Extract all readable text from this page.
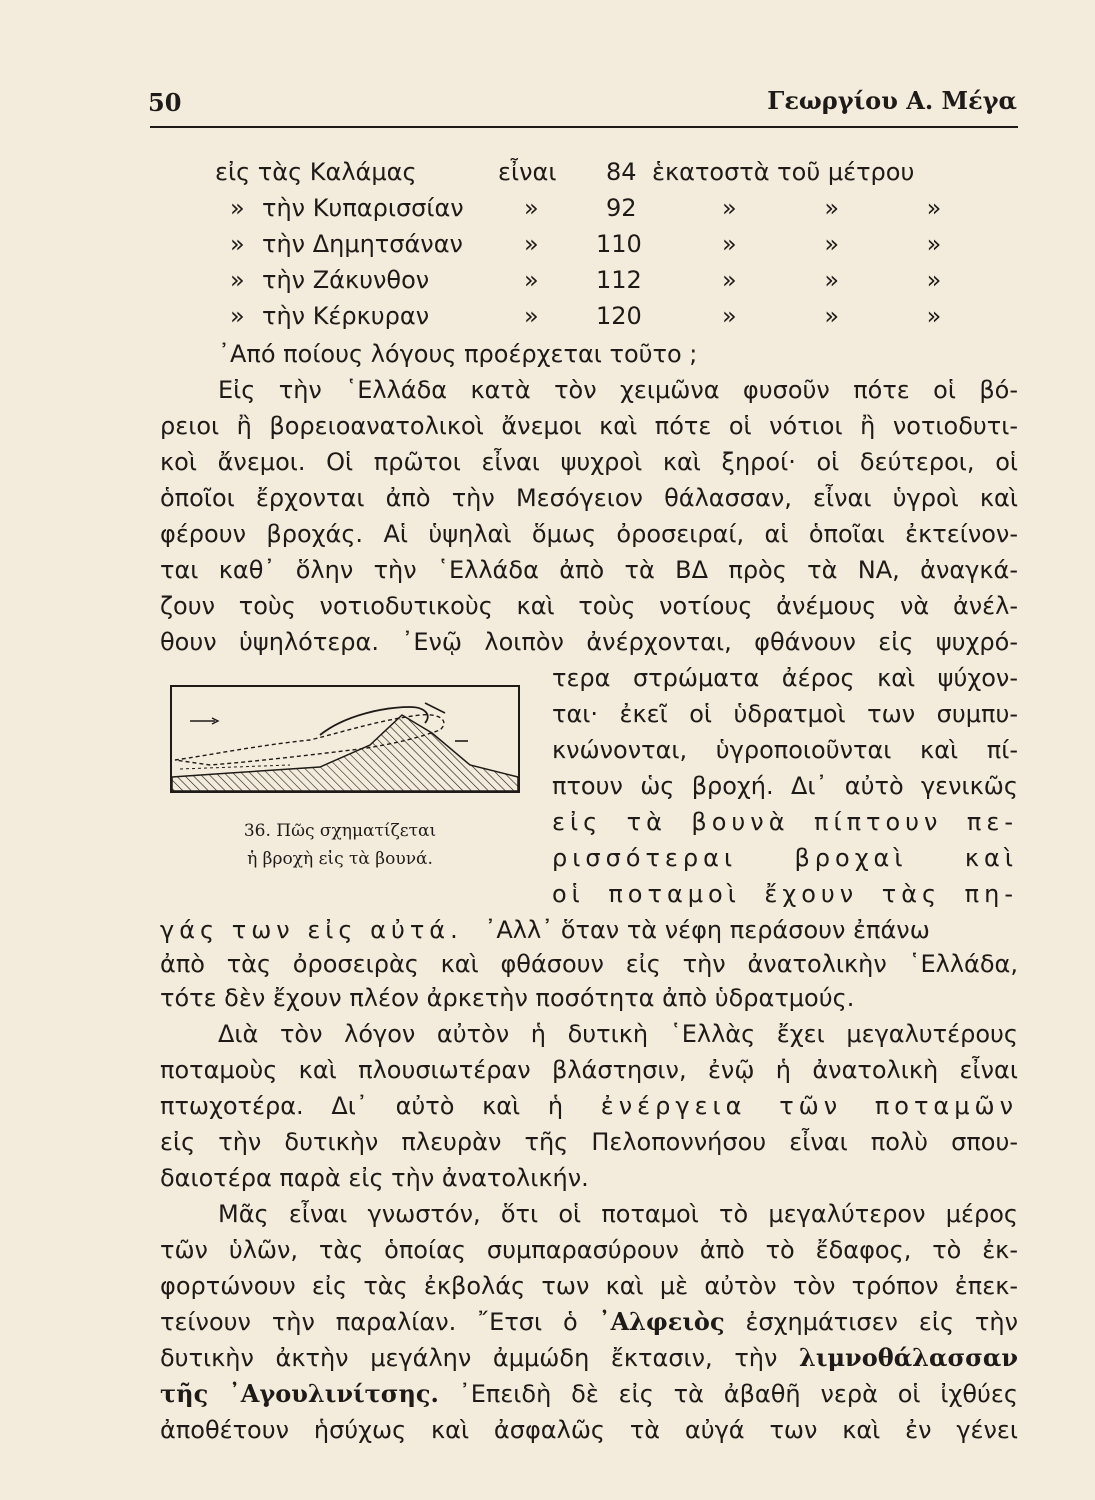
50	Γεωργίου Α. Μέγα
εἰς τὰς Καλάμας	εἶναι 84 ἑκατοστὰ τοῦ μέτρου
» τὴν Κυπαρισσίαν	»	92	» » »
» τὴν Δημητσάναν	» 110	» » »
» τὴν Ζάκυνθον	» 112	» » »
» τὴν Κέρκυραν	» 120	» » »
᾿Από ποίους λόγους προέρχεται τοῦτο ;
Εἰς τὴν ῾Ελλάδα κατὰ τὸν χειμῶνα φυσοῦν πότε οἱ βό-
ρειοι ἢ βορειοανατολικοὶ ἄνεμοι καὶ πότε οἱ νότιοι ἢ νοτιοδυτι-
κοὶ ἄνεμοι. Οἱ πρῶτοι εἶναι ψυχροὶ καὶ ξηροί· οἱ δεύτεροι, οἱ
ὁποῖοι ἔρχονται ἀπὸ τὴν Μεσόγειον θάλασσαν, εἶναι ὑγροὶ καὶ
φέρουν βροχάς. Αἱ ὑψηλαὶ ὅμως ὀροσειραί, αἱ ὁποῖαι ἐκτείνον-
ται καθ᾿ ὅλην τὴν ῾Ελλάδα ἀπὸ τὰ ΒΔ πρὸς τὰ ΝΑ, ἀναγκά-
ζουν τοὺς νοτιοδυτικοὺς καὶ τοὺς νοτίους ἀνέμους νὰ ἀνέλ-
θουν ὑψηλότερα. ᾿Ενῷ λοιπὸν ἀνέρχονται, φθάνουν εἰς ψυχρό-
τερα στρώματα ἀέρος καὶ ψύχον-
ται· ἐκεῖ οἱ ὑδρατμοὶ των συμπυ-
κνώνονται, ὑγροποιοῦνται καὶ πί-
πτουν ὡς βροχή. Δι᾿ αὐτὸ γενικῶς
εἰς τὰ βουνὰ πίπτουν πε-
ρισσότεραι βροχαὶ καὶ
οἱ ποταμοὶ ἔχουν τὰς πη-
36. Πῶς σχηματίζεται
ἡ βροχὴ εἰς τὰ βουνά.
γάς των εἰς αὐτά. ᾿Αλλ᾿ ὅταν τὰ νέφη περάσουν ἐπάνω
ἀπὸ τὰς ὀροσειρὰς καὶ φθάσουν εἰς τὴν ἀνατολικὴν ῾Ελλάδα,
τότε δὲν ἔχουν πλέον ἀρκετὴν ποσότητα ἀπὸ ὑδρατμούς.
Διὰ τὸν λόγον αὐτὸν ἡ δυτικὴ ῾Ελλὰς ἔχει μεγαλυτέρους
ποταμοὺς καὶ πλουσιωτέραν βλάστησιν, ἐνῷ ἡ ἀνατολικὴ εἶναι
πτωχοτέρα. Δι᾿ αὐτὸ καὶ ἡ ἐνέργεια τῶν ποταμῶν
εἰς τὴν δυτικὴν πλευρὰν τῆς Πελοποννήσου εἶναι πολὺ σπου-
δαιοτέρα παρὰ εἰς τὴν ἀνατολικήν.
Μᾶς εἶναι γνωστόν, ὅτι οἱ ποταμοὶ τὸ μεγαλύτερον μέρος
τῶν ὑλῶν, τὰς ὁποίας συμπαρασύρουν ἀπὸ τὸ ἔδαφος, τὸ ἐκ-
φορτώνουν εἰς τὰς ἐκβολάς των καὶ μὲ αὐτὸν τὸν τρόπον ἐπεκ-
τείνουν τὴν παραλίαν. ῎Ετσι ὁ ᾿Αλφειὸς ἐσχημάτισεν εἰς τὴν
δυτικὴν ἀκτὴν μεγάλην ἀμμώδη ἔκτασιν, τὴν λιμνοθάλασσαν
τῆς ᾿Αγουλινίτσης. ᾿Επειδὴ δὲ εἰς τὰ ἀβαθῆ νερὰ οἱ ἰχθύες
ἀποθέτουν ἡσύχως καὶ ἀσφαλῶς τὰ αὐγά των καὶ ἐν γένει
